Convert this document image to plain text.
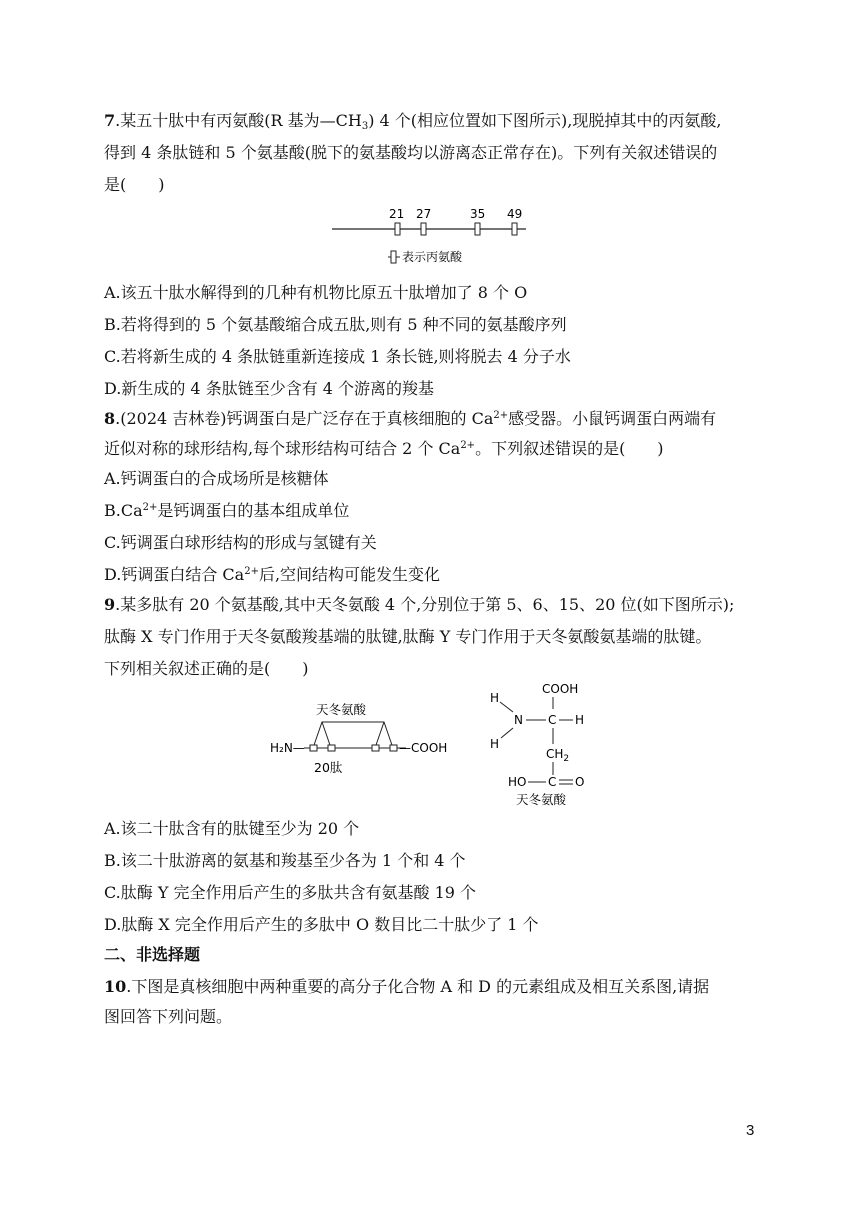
7.某五十肽中有丙氨酸(R 基为$—CH_3$) 4 个(相应位置如下图所示),现脱掉其中的丙氨酸,
得到 4 条肽链和 5 个氨基酸(脱下的氨基酸均以游离态正常存在)。下列有关叙述错误的
是(　　)
21 27	35 49
表示丙氨酸
A.该五十肽水解得到的几种有机物比原五十肽增加了 8 个 O
B.若将得到的 5 个氨基酸缩合成五肽,则有 5 种不同的氨基酸序列
C.若将新生成的 4 条肽链重新连接成 1 条长链,则将脱去 4 分子水
D.新生成的 4 条肽链至少含有 4 个游离的羧基
8.(2024 吉林卷)钙调蛋白是广泛存在于真核细胞的 $Ca^{2+}$感受器。小鼠钙调蛋白两端有
近似对称的球形结构,每个球形结构可结合 2 个 $Ca^{2+}$。下列叙述错误的是(　　)
A.钙调蛋白的合成场所是核糖体
$B.Ca^{2+}$是钙调蛋白的基本组成单位
C.钙调蛋白球形结构的形成与氢键有关
D.钙调蛋白结合 $Ca^{2+}$后,空间结构可能发生变化
9.某多肽有 20 个氨基酸,其中天冬氨酸 4 个,分别位于第 5、6、15、20 位(如下图所示);
肽酶 X 专门作用于天冬氨酸羧基端的肽键,肽酶 Y 专门作用于天冬氨酸氨基端的肽键。
下列相关叙述正确的是(　　)
天冬氨酸
H₂N—	—COOH
20肽
COOH
H
N C H
H
$CH_2$
HO C O
天冬氨酸
A.该二十肽含有的肽键至少为 20 个
B.该二十肽游离的氨基和羧基至少各为 1 个和 4 个
C.肽酶 Y 完全作用后产生的多肽共含有氨基酸 19 个
D.肽酶 X 完全作用后产生的多肽中 O 数目比二十肽少了 1 个
二、非选择题
10.下图是真核细胞中两种重要的高分子化合物 A 和 D 的元素组成及相互关系图,请据
图回答下列问题。
3
